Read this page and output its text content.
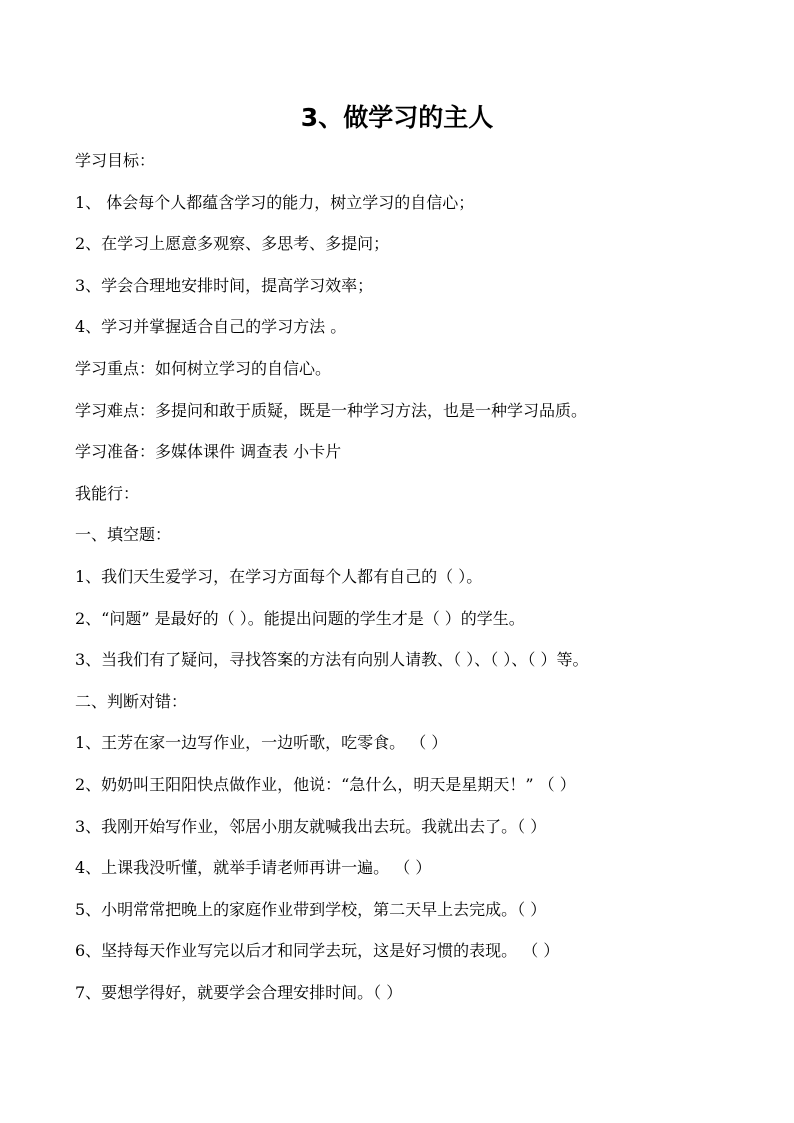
3、做学习的主人
学习目标：
1、 体会每个人都蕴含学习的能力，树立学习的自信心；
2、在学习上愿意多观察、多思考、多提问；
3、学会合理地安排时间，提高学习效率；
4、学习并掌握适合自己的学习方法 。
学习重点：如何树立学习的自信心。
学习难点：多提问和敢于质疑，既是一种学习方法，也是一种学习品质。
学习准备：多媒体课件 调查表 小卡片
我能行：
一、填空题：
1、我们天生爱学习，在学习方面每个人都有自己的（ ）。
2、“问题” 是最好的（ ）。能提出问题的学生才是（ ）的学生。
3、当我们有了疑问，寻找答案的方法有向别人请教、（ ）、（ ）、（ ）等。
二、判断对错：
1、王芳在家一边写作业，一边听歌，吃零食。 （ ）
2、奶奶叫王阳阳快点做作业，他说：“急什么，明天是星期天！” （ ）
3、我刚开始写作业，邻居小朋友就喊我出去玩。我就出去了。（ ）
4、上课我没听懂，就举手请老师再讲一遍。 （ ）
5、小明常常把晚上的家庭作业带到学校，第二天早上去完成。（ ）
6、坚持每天作业写完以后才和同学去玩，这是好习惯的表现。 （ ）
7、要想学得好，就要学会合理安排时间。（ ）
